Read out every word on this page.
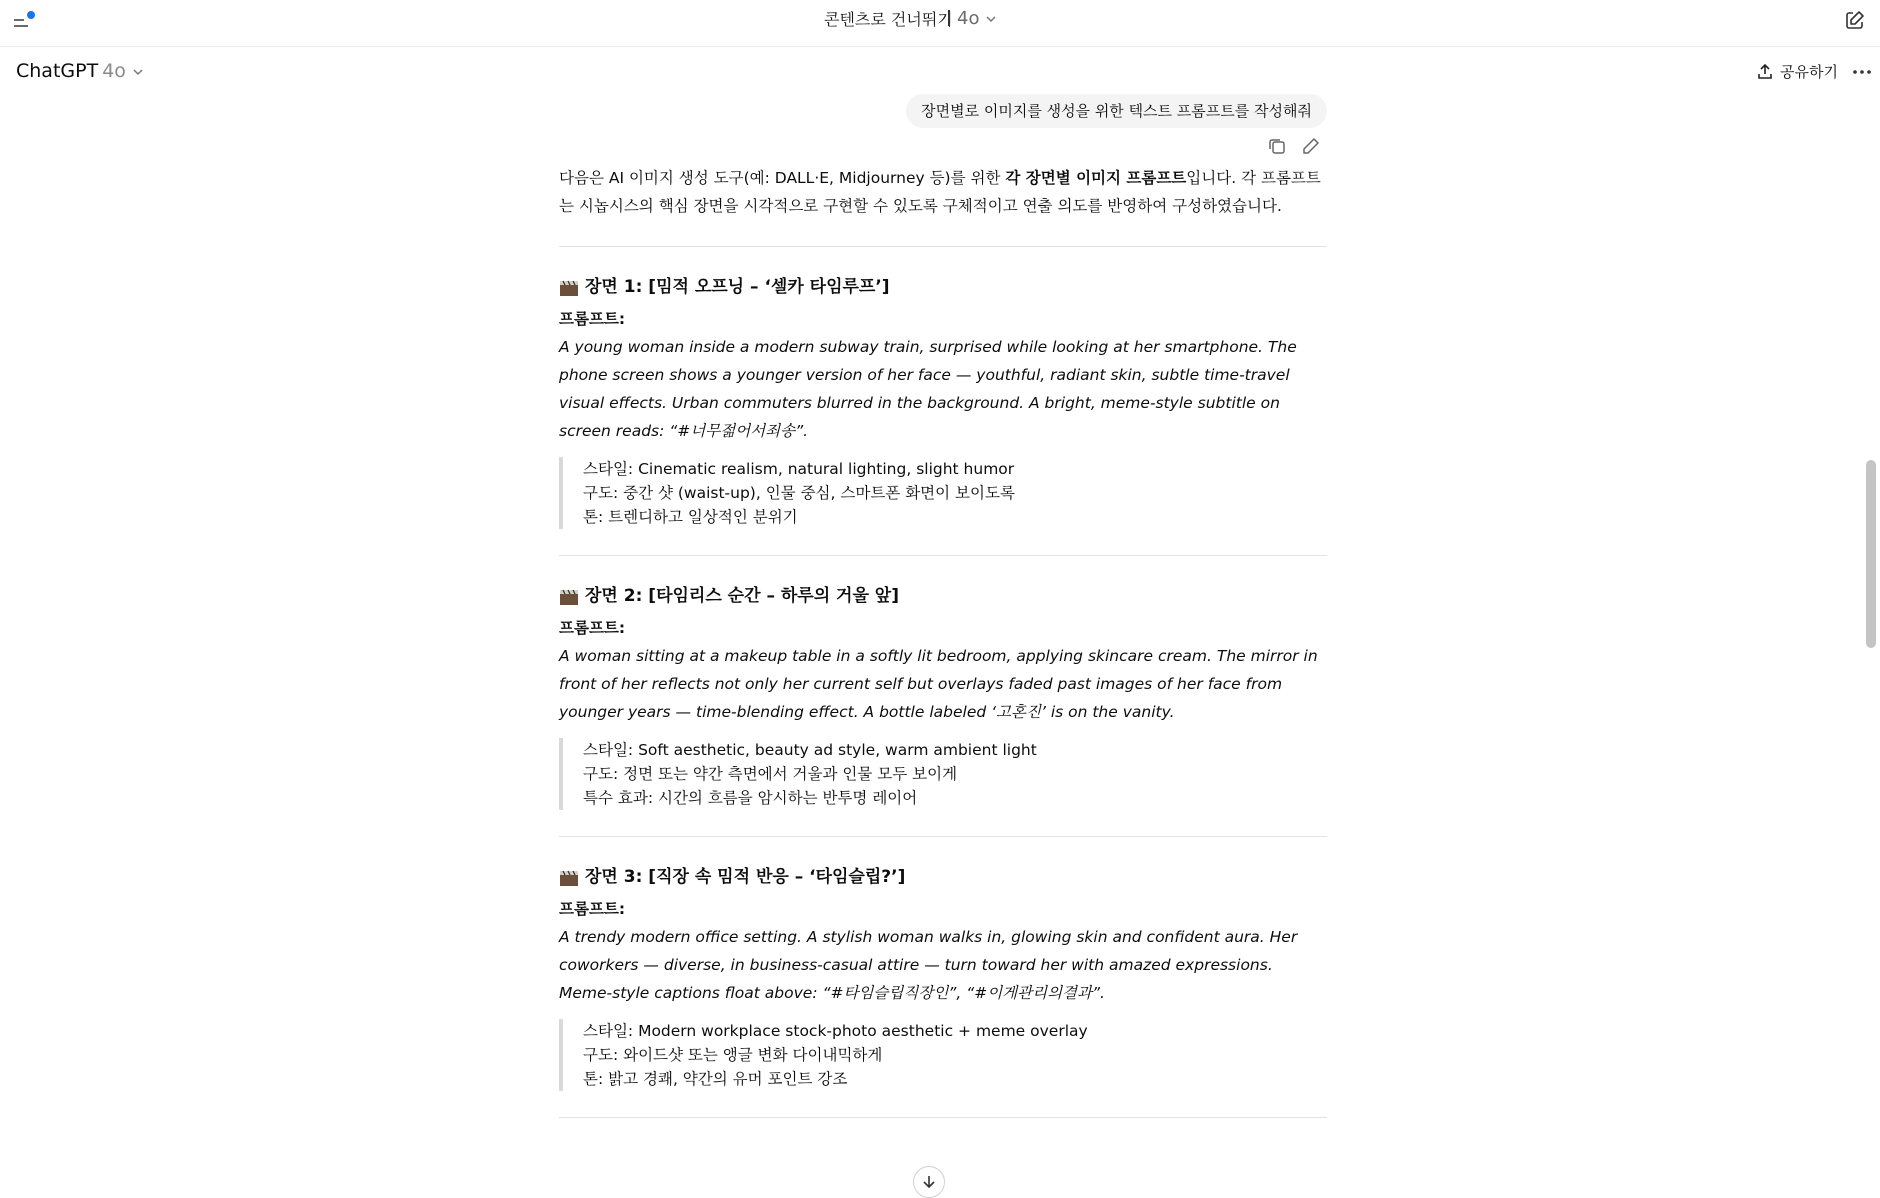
콘텐츠로 건너뛰기 4o
ChatGPT 4o	공유하기
장면별로 이미지를 생성을 위한 텍스트 프롬프트를 작성해줘

다음은 AI 이미지 생성 도구(예: DALL·E, Midjourney 등)를 위한 각 장면별 이미지 프롬프트입니다. 각 프롬프트는 시놉시스의 핵심 장면을 시각적으로 구현할 수 있도록 구체적이고 연출 의도를 반영하여 구성하였습니다.

장면 1: [밈적 오프닝 – ‘셀카 타임루프’]
프롬프트:
A young woman inside a modern subway train, surprised while looking at her smartphone. The phone screen shows a younger version of her face — youthful, radiant skin, subtle time-travel visual effects. Urban commuters blurred in the background. A bright, meme-style subtitle on screen reads: “#너무젊어서죄송”.
스타일: Cinematic realism, natural lighting, slight humor
구도: 중간 샷 (waist-up), 인물 중심, 스마트폰 화면이 보이도록
톤: 트렌디하고 일상적인 분위기
장면 2: [타임리스 순간 – 하루의 거울 앞]
프롬프트:
A woman sitting at a makeup table in a softly lit bedroom, applying skincare cream. The mirror in front of her reflects not only her current self but overlays faded past images of her face from younger years — time-blending effect. A bottle labeled ‘고혼진’ is on the vanity.
스타일: Soft aesthetic, beauty ad style, warm ambient light
구도: 정면 또는 약간 측면에서 거울과 인물 모두 보이게
특수 효과: 시간의 흐름을 암시하는 반투명 레이어
장면 3: [직장 속 밈적 반응 – ‘타임슬립?’]
프롬프트:
A trendy modern office setting. A stylish woman walks in, glowing skin and confident aura. Her coworkers — diverse, in business-casual attire — turn toward her with amazed expressions. Meme-style captions float above: “#타임슬립직장인”, “#이게관리의결과”.
스타일: Modern workplace stock-photo aesthetic + meme overlay
구도: 와이드샷 또는 앵글 변화 다이내믹하게
톤: 밝고 경쾌, 약간의 유머 포인트 강조
